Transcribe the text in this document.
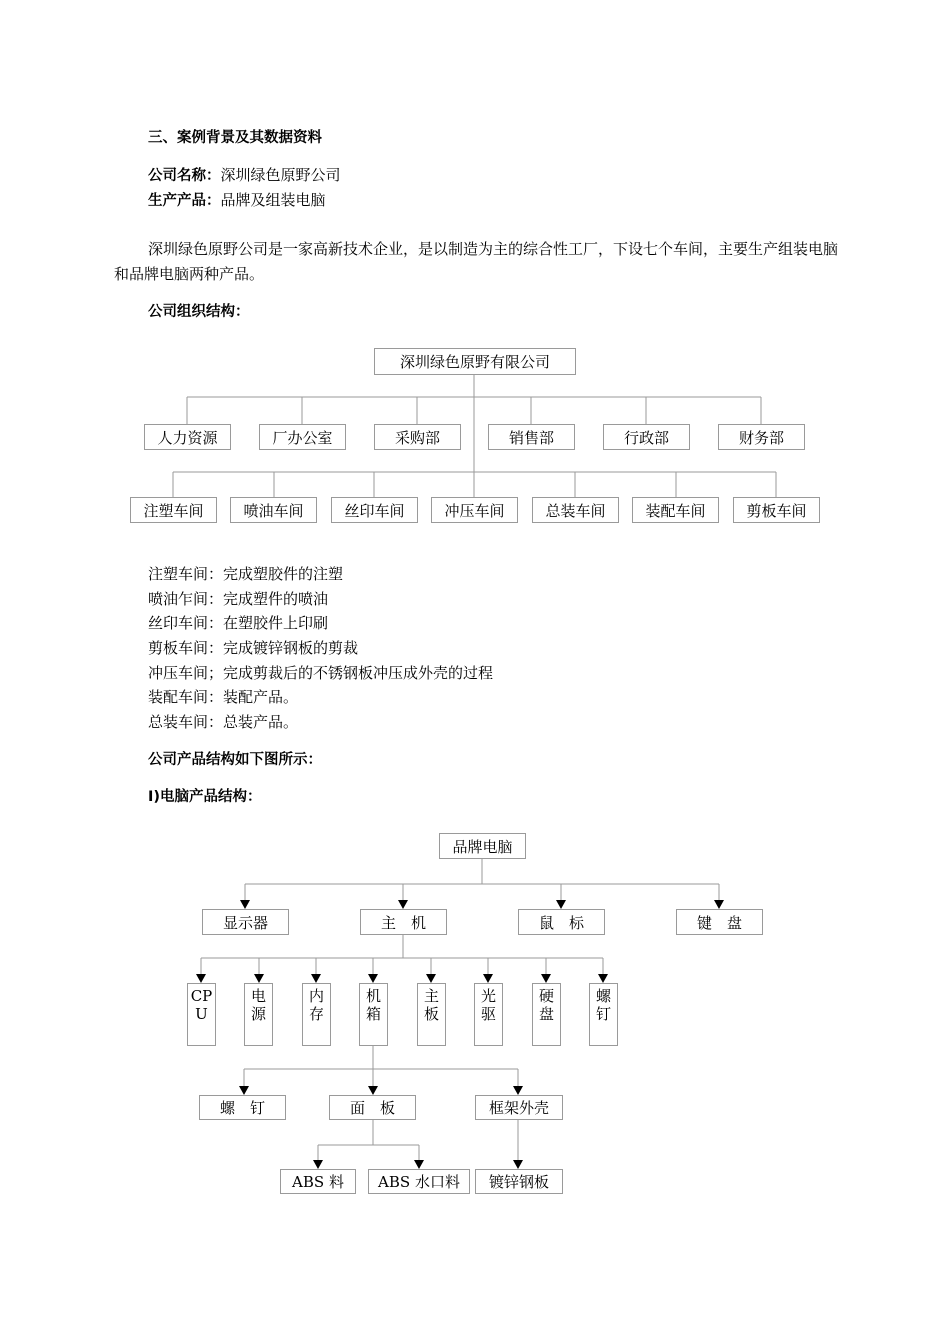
三、案例背景及其数据资料
公司名称：深圳绿色原野公司
生产产品：品牌及组装电脑
深圳绿色原野公司是一家高新技术企业，是以制造为主的综合性工厂，下设七个车间，主要生产组装电脑和品牌电脑两种产品。
公司组织结构：
深圳绿色原野有限公司
人力资源	厂办公室	采购部	销售部	行政部	财务部
注塑车间	喷油车间	丝印车间	冲压车间	总装车间	装配车间	剪板车间
注塑车间：完成塑胶件的注塑
喷油乍间：完成塑件的喷油
丝印车间：在塑胶件上印刷
剪板车间：完成镀锌钢板的剪裁
冲压车间；完成剪裁后的不锈钢板冲压成外壳的过程
装配车间：装配产品。
总装车间：总装产品。
公司产品结构如下图所示：
I)电脑产品结构：
品牌电脑
显示器	主　机	鼠　标	键　盘
CP
U
电
源
内
存
机
箱
主
板
光
驱
硬
盘
螺
钉
螺　钉	面　板	框架外壳
ABS 料	ABS 水口料	镀锌钢板
